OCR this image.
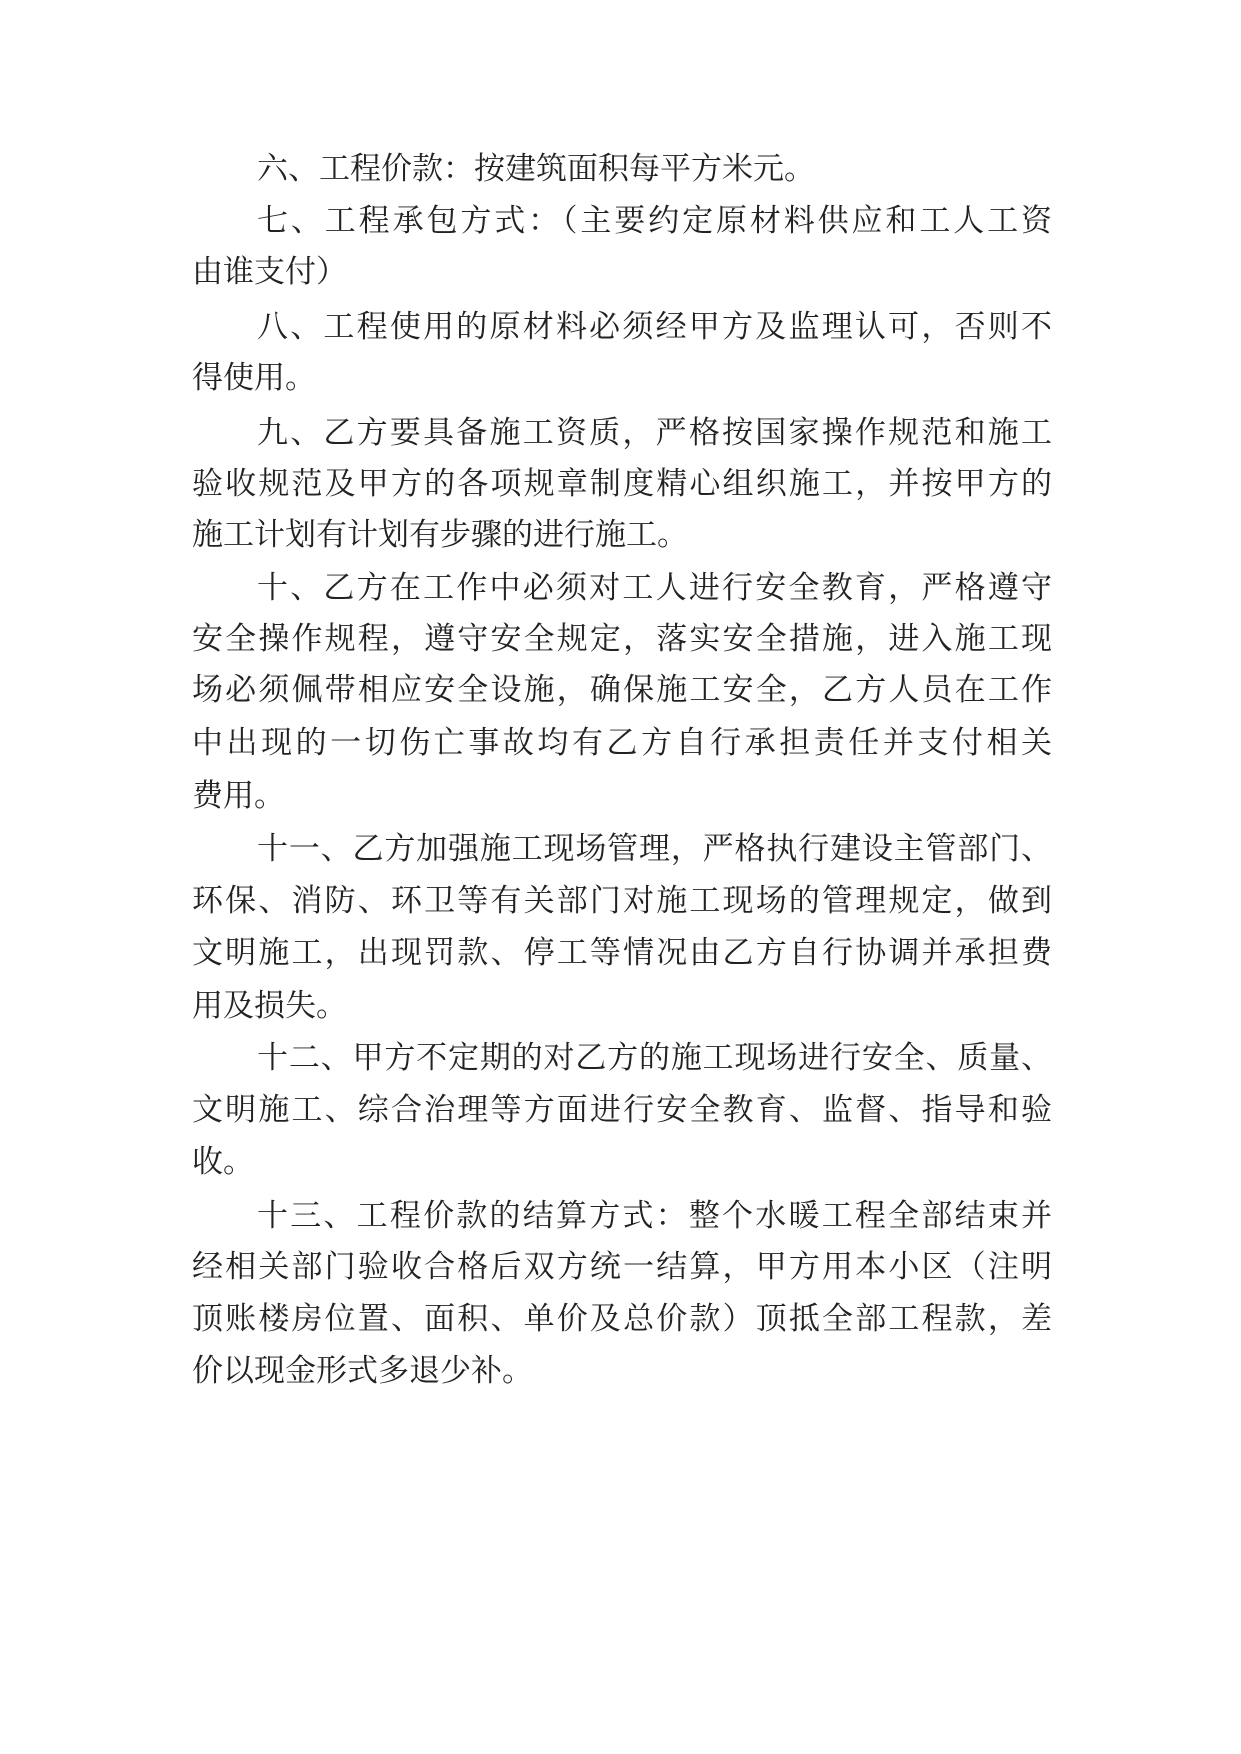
六、工程价款：按建筑面积每平方米元。
七、工程承包方式：（主要约定原材料供应和工人工资
由谁支付）
八、工程使用的原材料必须经甲方及监理认可，否则不
得使用。
九、乙方要具备施工资质，严格按国家操作规范和施工
验收规范及甲方的各项规章制度精心组织施工，并按甲方的
施工计划有计划有步骤的进行施工。
十、乙方在工作中必须对工人进行安全教育，严格遵守
安全操作规程，遵守安全规定，落实安全措施，进入施工现
场必须佩带相应安全设施，确保施工安全，乙方人员在工作
中出现的一切伤亡事故均有乙方自行承担责任并支付相关
费用。
十一、乙方加强施工现场管理，严格执行建设主管部门、
环保、消防、环卫等有关部门对施工现场的管理规定，做到
文明施工，出现罚款、停工等情况由乙方自行协调并承担费
用及损失。
十二、甲方不定期的对乙方的施工现场进行安全、质量、
文明施工、综合治理等方面进行安全教育、监督、指导和验
收。
十三、工程价款的结算方式：整个水暖工程全部结束并
经相关部门验收合格后双方统一结算，甲方用本小区（注明
顶账楼房位置、面积、单价及总价款）顶抵全部工程款，差
价以现金形式多退少补。
